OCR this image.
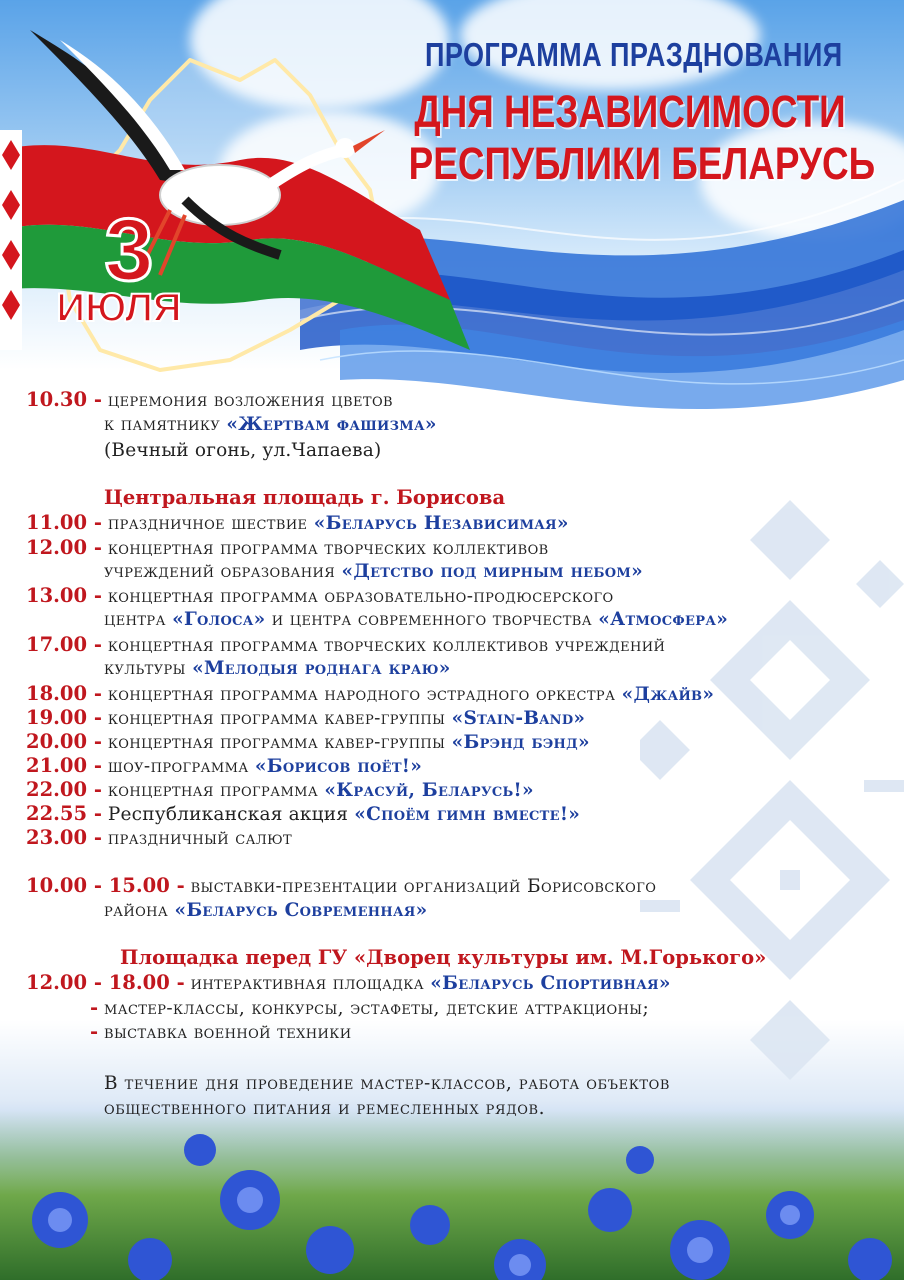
ПРОГРАММА ПРАЗДНОВАНИЯ
ДНЯ НЕЗАВИСИМОСТИ
РЕСПУБЛИКИ БЕЛАРУСЬ
3
ИЮЛЯ
10.30 - церемония возложения цветов
к памятнику «Жертвам фашизма»
(Вечный огонь, ул.Чапаева)
Центральная площадь г. Борисова
11.00 - праздничное шествие «Беларусь Независимая»
12.00 - концертная программа творческих коллективов
учреждений образования «Детство под мирным небом»
13.00 - концертная программа образовательно-продюсерского
центра «Голоса» и центра современного творчества «Атмосфера»
17.00 - концертная программа творческих коллективов учреждений
культуры «Мелодыя роднага краю»
18.00 - концертная программа народного эстрадного оркестра «Джайв»
19.00 - концертная программа кавер-группы «Stain-Band»
20.00 - концертная программа кавер-группы «Брэнд бэнд»
21.00 - шоу-программа «Борисов поёт!»
22.00 - концертная программа «Красуй, Беларусь!»
22.55 - Республиканская акция «Споём гимн вместе!»
23.00 - праздничный салют
10.00 - 15.00 - выставки-презентации организаций Борисовского
района «Беларусь Современная»
Площадка перед ГУ «Дворец культуры им. М.Горького»
12.00 - 18.00 - интерактивная площадка «Беларусь Спортивная»
- мастер-классы, конкурсы, эстафеты, детские аттракционы;
- выставка военной техники
В течение дня проведение мастер-классов, работа объектов
общественного питания и ремесленных рядов.
